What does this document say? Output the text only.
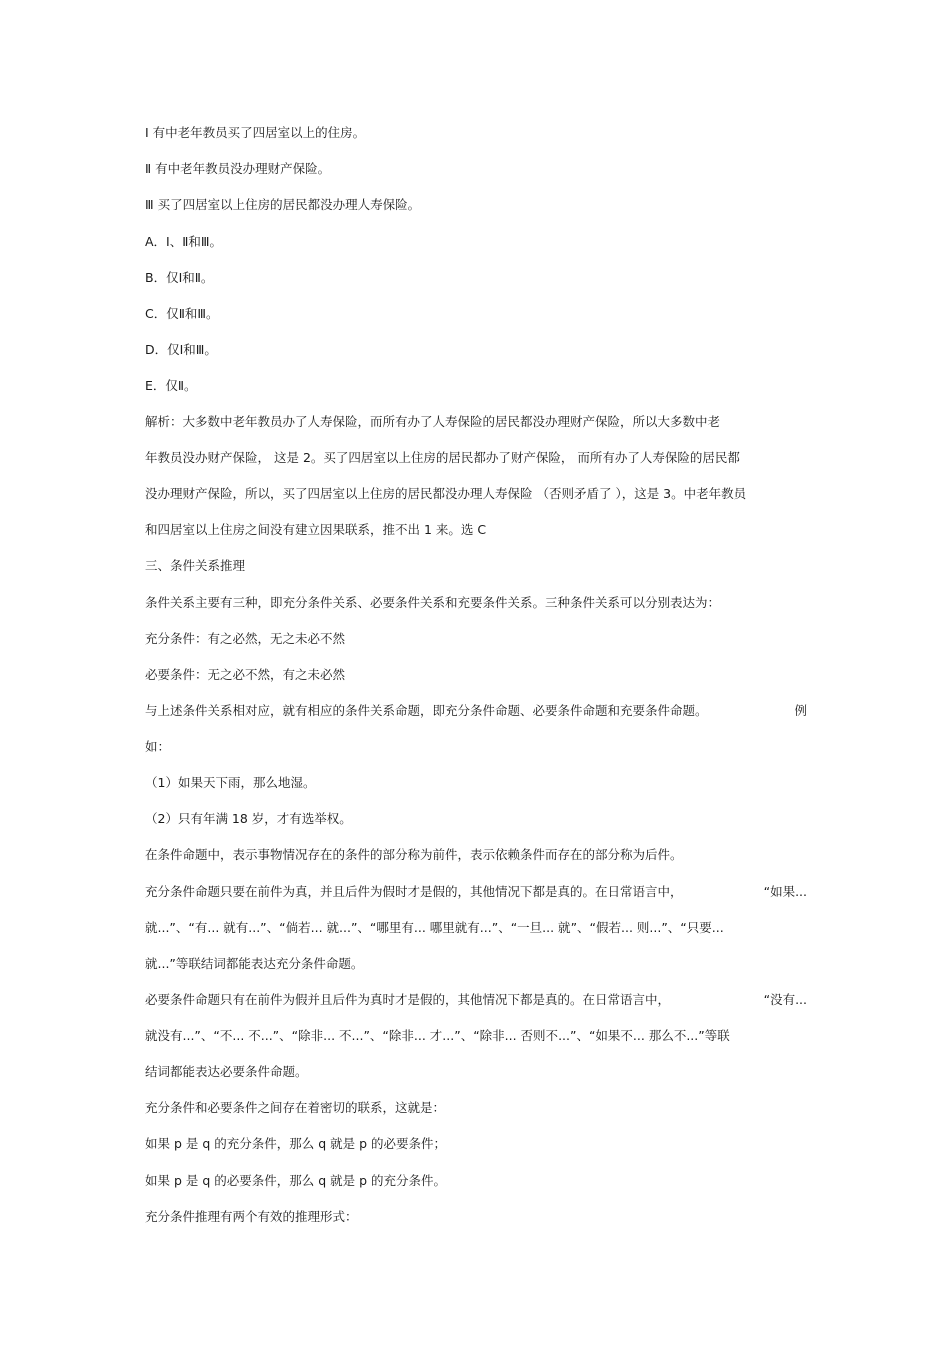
Ⅰ 有中老年教员买了四居室以上的住房。
Ⅱ 有中老年教员没办理财产保险。
Ⅲ 买了四居室以上住房的居民都没办理人寿保险。
A．Ⅰ、Ⅱ和Ⅲ。
B．仅Ⅰ和Ⅱ。
C．仅Ⅱ和Ⅲ。
D．仅Ⅰ和Ⅲ。
E．仅Ⅱ。
解析：大多数中老年教员办了人寿保险，而所有办了人寿保险的居民都没办理财产保险，所以大多数中老
年教员没办财产保险， 这是 2。买了四居室以上住房的居民都办了财产保险， 而所有办了人寿保险的居民都
没办理财产保险，所以，买了四居室以上住房的居民都没办理人寿保险 （否则矛盾了 ），这是 3。中老年教员
和四居室以上住房之间没有建立因果联系，推不出 1 来。选 C
三、条件关系推理
条件关系主要有三种，即充分条件关系、必要条件关系和充要条件关系。三种条件关系可以分别表达为：
充分条件：有之必然，无之未必不然
必要条件：无之必不然，有之未必然
与上述条件关系相对应，就有相应的条件关系命题，即充分条件命题、必要条件命题和充要条件命题。	例
如：
（1）如果天下雨，那么地湿。
（2）只有年满 18 岁，才有选举权。
在条件命题中，表示事物情况存在的条件的部分称为前件，表示依赖条件而存在的部分称为后件。
充分条件命题只要在前件为真，并且后件为假时才是假的，其他情况下都是真的。在日常语言中，	“如果...
就...”、“有... 就有...”、“倘若... 就...”、“哪里有... 哪里就有...”、“一旦... 就”、“假若... 则...”、“只要...
就...”等联结词都能表达充分条件命题。
必要条件命题只有在前件为假并且后件为真时才是假的，其他情况下都是真的。在日常语言中，	“没有...
就没有...”、“不... 不...”、“除非... 不...”、“除非... 才...”、“除非... 否则不...”、“如果不... 那么不...”等联
结词都能表达必要条件命题。
充分条件和必要条件之间存在着密切的联系，这就是：
如果 p 是 q 的充分条件，那么 q 就是 p 的必要条件；
如果 p 是 q 的必要条件，那么 q 就是 p 的充分条件。
充分条件推理有两个有效的推理形式：
